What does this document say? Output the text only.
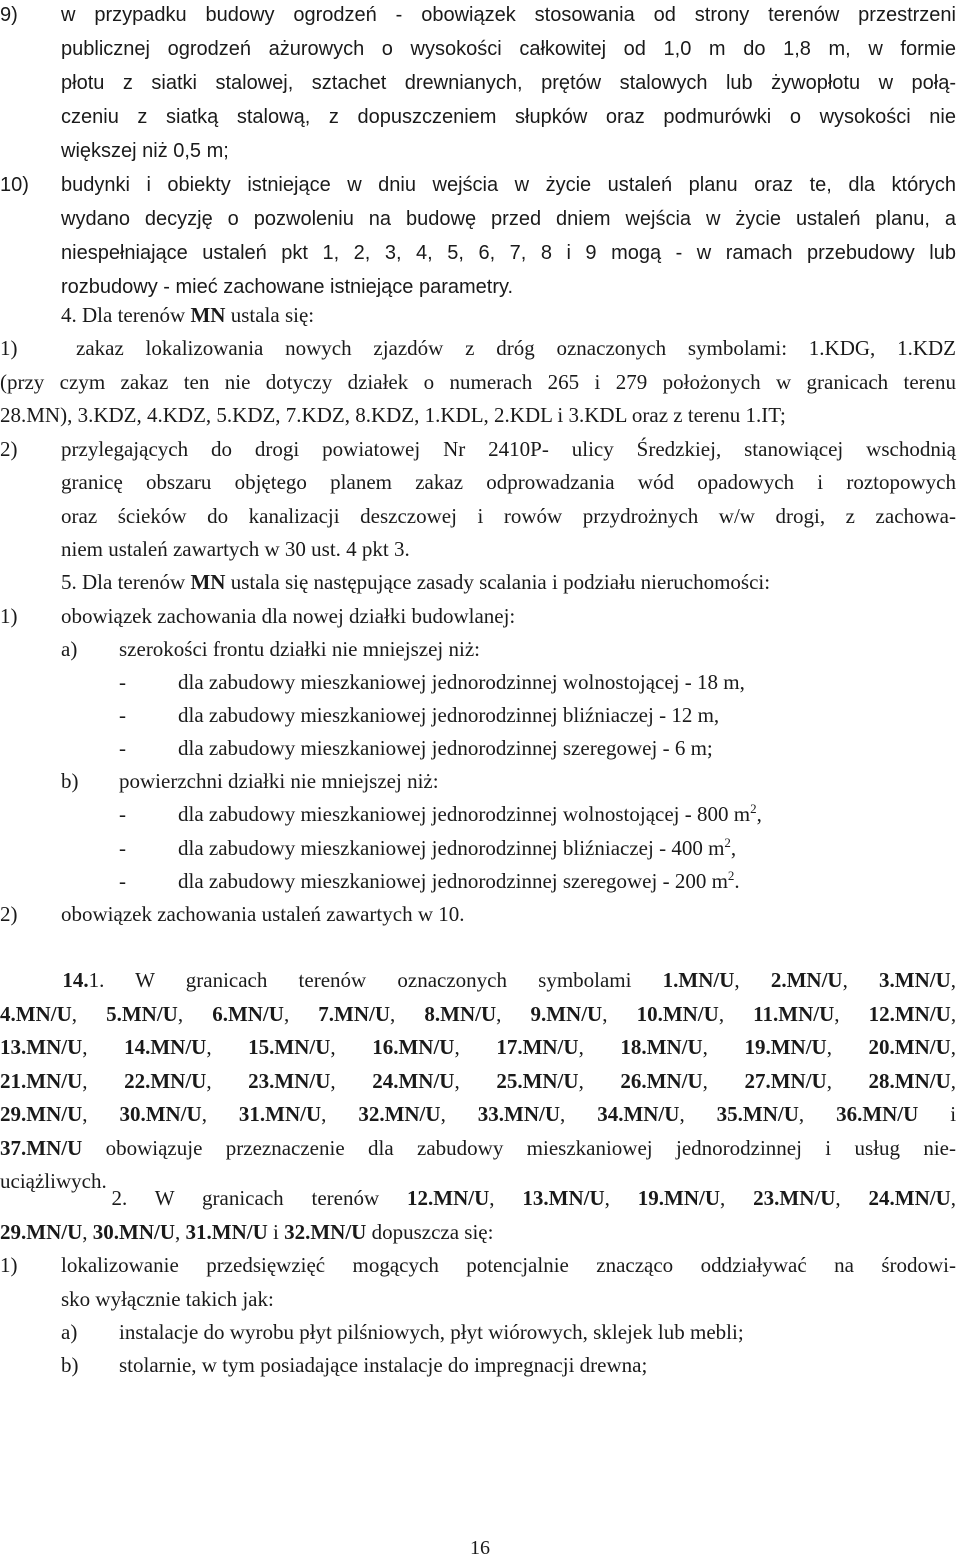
9) w przypadku budowy ogrodzeń - obowiązek stosowania od strony terenów przestrzeni
publicznej ogrodzeń ażurowych o wysokości całkowitej od 1,0 m do 1,8 m, w formie
płotu z siatki stalowej, sztachet drewnianych, prętów stalowych lub żywopłotu w połą-
czeniu z siatką stalową, z dopuszczeniem słupków oraz podmurówki o wysokości nie
większej niż 0,5 m;
10) budynki i obiekty istniejące w dniu wejścia w życie ustaleń planu oraz te, dla których
wydano decyzję o pozwoleniu na budowę przed dniem wejścia w życie ustaleń planu, a
niespełniające ustaleń pkt 1, 2, 3, 4, 5, 6, 7, 8 i 9 mogą - w ramach przebudowy lub
rozbudowy - mieć zachowane istniejące parametry.
4. Dla terenów MN ustala się:
1)	zakaz lokalizowania nowych zjazdów z dróg oznaczonych symbolami: 1.KDG, 1.KDZ
(przy czym zakaz ten nie dotyczy działek o numerach 265 i 279 położonych w granicach terenu
28.MN), 3.KDZ, 4.KDZ, 5.KDZ, 7.KDZ, 8.KDZ, 1.KDL, 2.KDL i 3.KDL oraz z terenu 1.IT;
2) przylegających do drogi powiatowej Nr 2410P- ulicy Średzkiej, stanowiącej wschodnią
granicę obszaru objętego planem zakaz odprowadzania wód opadowych i roztopowych
oraz ścieków do kanalizacji deszczowej i rowów przydrożnych w/w drogi, z zachowa-
niem ustaleń zawartych w 30 ust. 4 pkt 3.
5. Dla terenów MN ustala się następujące zasady scalania i podziału nieruchomości:
1) obowiązek zachowania dla nowej działki budowlanej:
a) szerokości frontu działki nie mniejszej niż:
- dla zabudowy mieszkaniowej jednorodzinnej wolnostojącej - 18 m,
- dla zabudowy mieszkaniowej jednorodzinnej bliźniaczej - 12 m,
- dla zabudowy mieszkaniowej jednorodzinnej szeregowej - 6 m;
b) powierzchni działki nie mniejszej niż:
- dla zabudowy mieszkaniowej jednorodzinnej wolnostojącej - 800 $m^2$,
- dla zabudowy mieszkaniowej jednorodzinnej bliźniaczej - 400 $m^2$,
- dla zabudowy mieszkaniowej jednorodzinnej szeregowej - 200 $m^2$.
2) obowiązek zachowania ustaleń zawartych w 10.
14.1. W granicach terenów oznaczonych symbolami 1.MN/U, 2.MN/U, 3.MN/U,
4.MN/U, 5.MN/U, 6.MN/U, 7.MN/U, 8.MN/U, 9.MN/U, 10.MN/U, 11.MN/U, 12.MN/U,
13.MN/U, 14.MN/U, 15.MN/U, 16.MN/U, 17.MN/U, 18.MN/U, 19.MN/U, 20.MN/U,
21.MN/U, 22.MN/U, 23.MN/U, 24.MN/U, 25.MN/U, 26.MN/U, 27.MN/U, 28.MN/U,
29.MN/U, 30.MN/U, 31.MN/U, 32.MN/U, 33.MN/U, 34.MN/U, 35.MN/U, 36.MN/U i
37.MN/U obowiązuje przeznaczenie dla zabudowy mieszkaniowej jednorodzinnej i usług nie-
uciążliwych.
2. W granicach terenów 12.MN/U, 13.MN/U, 19.MN/U, 23.MN/U, 24.MN/U,
29.MN/U, 30.MN/U, 31.MN/U i 32.MN/U dopuszcza się:
1) lokalizowanie przedsięwzięć mogących potencjalnie znacząco oddziaływać na środowi-
sko wyłącznie takich jak:
a) instalacje do wyrobu płyt pilśniowych, płyt wiórowych, sklejek lub mebli;
b) stolarnie, w tym posiadające instalacje do impregnacji drewna;
16
